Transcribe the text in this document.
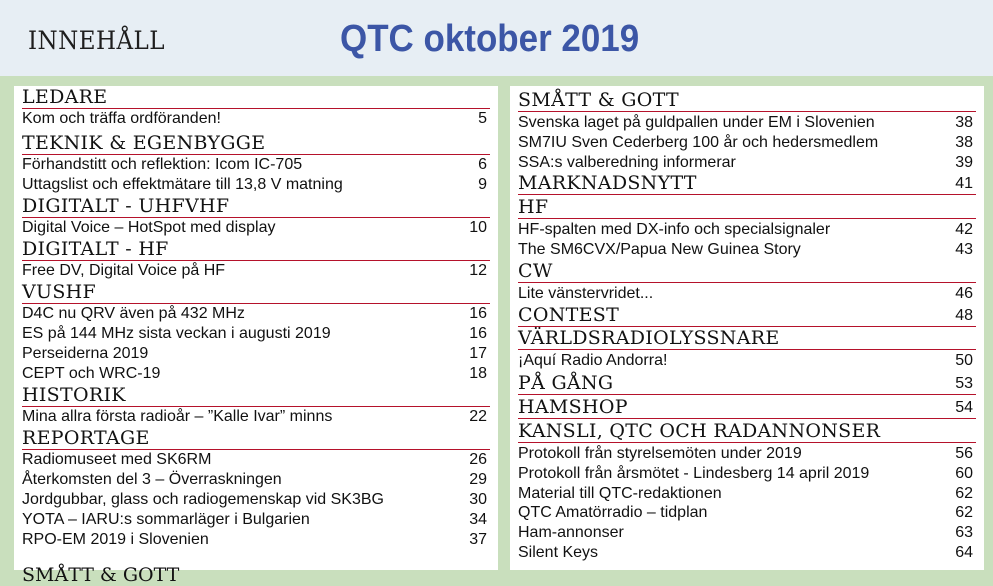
INNEHÅLL	QTC oktober 2019
LEDARE
Kom och träffa ordföranden!	5
TEKNIK & EGENBYGGE
Förhandstitt och reflektion: Icom IC-705	6
Uttagslist och effektmätare till 13,8 V matning	9
DIGITALT - UHFVHF
Digital Voice – HotSpot med display	10
DIGITALT - HF
Free DV, Digital Voice på HF	12
VUSHF
D4C nu QRV även på 432 MHz	16
ES på 144 MHz sista veckan i augusti 2019	16
Perseiderna 2019	17
CEPT och WRC-19	18
HISTORIK
Mina allra första radioår – ”Kalle Ivar” minns	22
REPORTAGE
Radiomuseet med SK6RM	26
Återkomsten del 3 – Överraskningen	29
Jordgubbar, glass och radiogemenskap vid SK3BG	30
YOTA – IARU:s sommarläger i Bulgarien	34
RPO-EM 2019 i Slovenien	37
SMÅTT & GOTT
SMÅTT & GOTT
Svenska laget på guldpallen under EM i Slovenien	38
SM7IU Sven Cederberg 100 år och hedersmedlem	38
SSA:s valberedning informerar	39
MARKNADSNYTT	41
HF
HF-spalten med DX-info och specialsignaler	42
The SM6CVX/Papua New Guinea Story	43
CW
Lite vänstervridet...	46
CONTEST	48
VÄRLDSRADIOLYSSNARE
¡Aquí Radio Andorra!	50
PÅ GÅNG	53
HAMSHOP	54
KANSLI, QTC OCH RADANNONSER
Protokoll från styrelsemöten under 2019	56
Protokoll från årsmötet - Lindesberg 14 april 2019	60
Material till QTC-redaktionen	62
QTC Amatörradio – tidplan	62
Ham-annonser	63
Silent Keys	64
